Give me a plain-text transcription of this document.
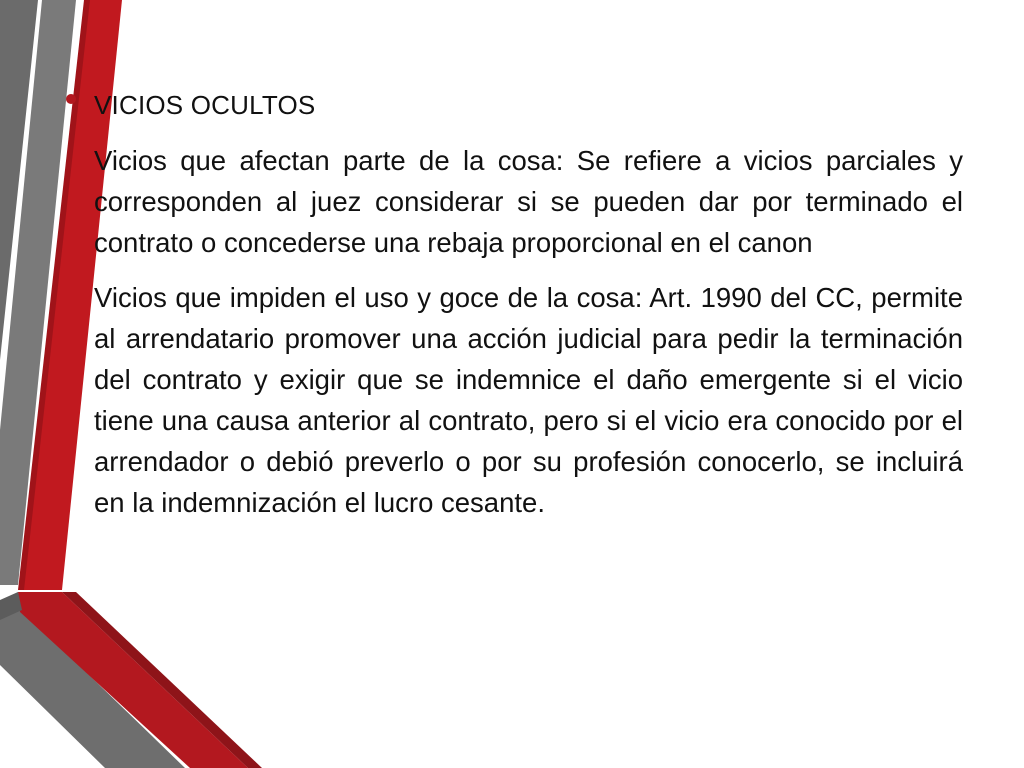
VICIOS OCULTOS

Vicios que afectan parte de la cosa: Se refiere a vicios parciales y corresponden al juez considerar si se pueden dar por terminado el contrato o concederse una rebaja proporcional en el canon

Vicios que impiden el uso y goce de la cosa: Art. 1990 del CC, permite al arrendatario promover una acción judicial para pedir la terminación del contrato y exigir que se indemnice el daño emergente si el vicio tiene una causa anterior al contrato, pero si el vicio era conocido por el arrendador o debió preverlo o por su profesión conocerlo, se incluirá en la indemnización el lucro cesante.
